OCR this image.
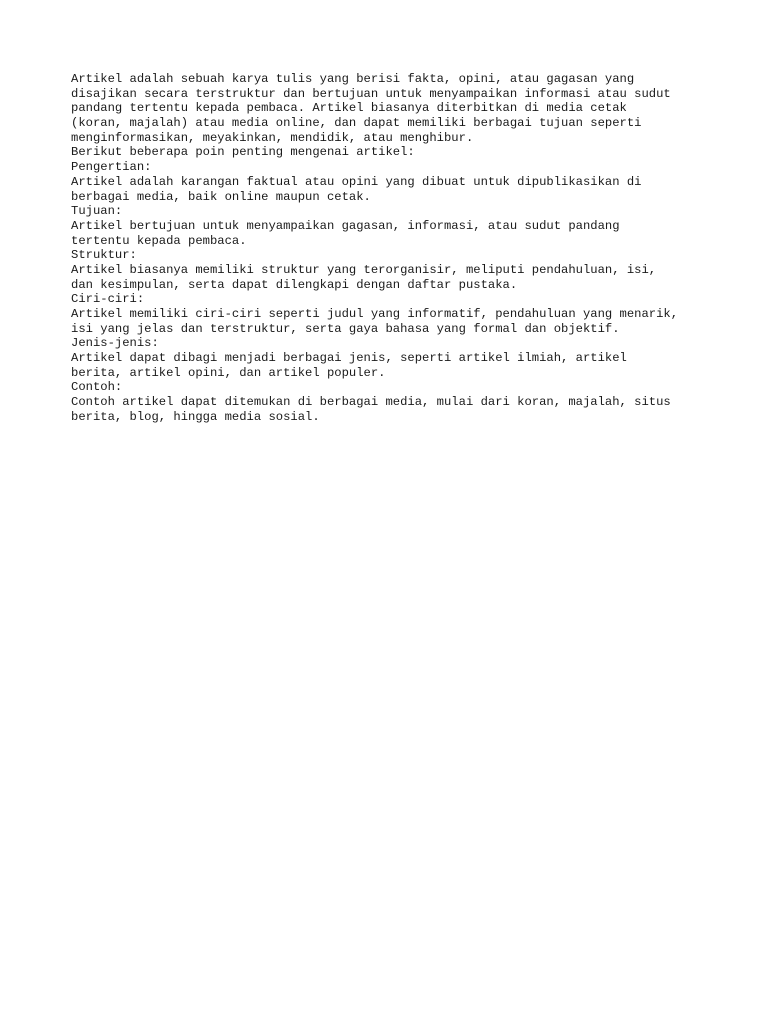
Artikel adalah sebuah karya tulis yang berisi fakta, opini, atau gagasan yang
disajikan secara terstruktur dan bertujuan untuk menyampaikan informasi atau sudut
pandang tertentu kepada pembaca. Artikel biasanya diterbitkan di media cetak
(koran, majalah) atau media online, dan dapat memiliki berbagai tujuan seperti
menginformasikan, meyakinkan, mendidik, atau menghibur.
Berikut beberapa poin penting mengenai artikel:
Pengertian:
Artikel adalah karangan faktual atau opini yang dibuat untuk dipublikasikan di
berbagai media, baik online maupun cetak.
Tujuan:
Artikel bertujuan untuk menyampaikan gagasan, informasi, atau sudut pandang
tertentu kepada pembaca.
Struktur:
Artikel biasanya memiliki struktur yang terorganisir, meliputi pendahuluan, isi,
dan kesimpulan, serta dapat dilengkapi dengan daftar pustaka.
Ciri-ciri:
Artikel memiliki ciri-ciri seperti judul yang informatif, pendahuluan yang menarik,
isi yang jelas dan terstruktur, serta gaya bahasa yang formal dan objektif.
Jenis-jenis:
Artikel dapat dibagi menjadi berbagai jenis, seperti artikel ilmiah, artikel
berita, artikel opini, dan artikel populer.
Contoh:
Contoh artikel dapat ditemukan di berbagai media, mulai dari koran, majalah, situs
berita, blog, hingga media sosial.
